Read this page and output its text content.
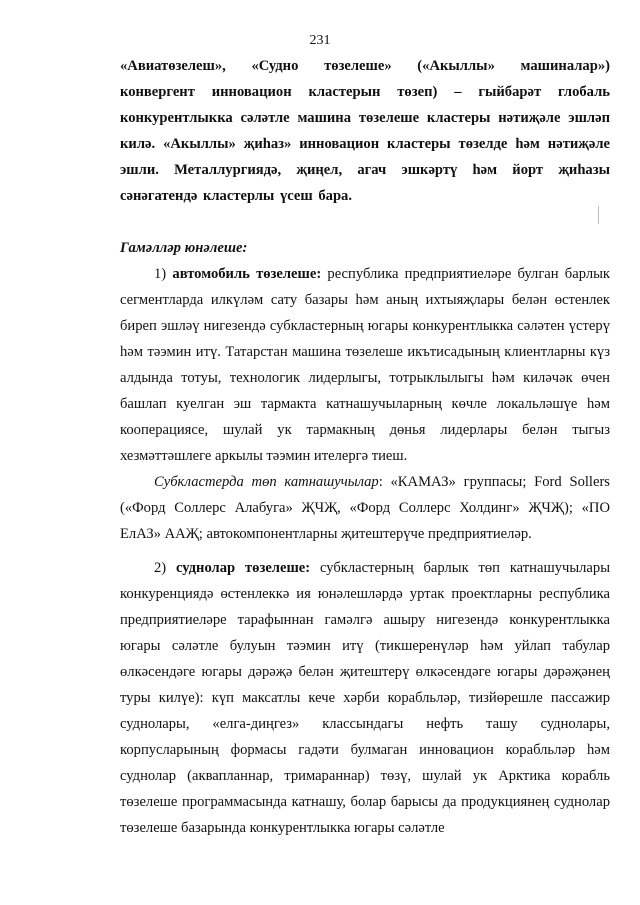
231

«Авиатөзелеш», «Судно төзелеше» («Акыллы» машиналар») конвергент инновацион кластерын төзеп) – гыйбарәт глобаль конкурентлыкка сәләтле машина төзелеше кластеры нәтиҗәле эшләп килә. «Акыллы» җиһаз» инновацион кластеры төзелде һәм нәтиҗәле эшли. Металлургиядә, җиңел, агач эшкәртү һәм йорт җиһазы сәнәгатендә кластерлы үсеш бара.

Гамәлләр юнәлеше:

1) автомобиль төзелеше: республика предприятиеләре булган барлык сегментларда илкүләм сату базары һәм аның ихтыяҗлары белән өстенлек биреп эшләү нигезендә субкластерның югары конкурентлыкка сәләтен үстерү һәм тәэмин итү. Татарстан машина төзелеше икътисадының клиентларны күз алдында тотуы, технологик лидерлыгы, тотрыклылыгы һәм киләчәк өчен башлап куелган эш тармакта катнашучыларның көчле локальләшүе һәм кооперациясе, шулай ук тармакның дөнья лидерлары белән тыгыз хезмәттәшлеге аркылы тәэмин ителергә тиеш.

Субкластерда төп катнашучылар: «КАМАЗ» группасы; Ford Sollers («Форд Соллерс Алабуга» ҖЧҖ, «Форд Соллерс Холдинг» ҖЧҖ); «ПО ЕлАЗ» ААҖ; автокомпонентларны җитештерүче предприятиеләр.

2) суднолар төзелеше: субкластерның барлык төп катнашучылары конкуренциядә өстенлеккә ия юнәлешләрдә уртак проектларны республика предприятиеләре тарафыннан гамәлгә ашыру нигезендә конкурентлыкка югары сәләтле булуын тәэмин итү (тикшеренүләр һәм уйлап табулар өлкәсендәге югары дәрәҗә белән җитештерү өлкәсендәге югары дәрәҗәнең туры килүе): күп максатлы кече хәрби корабльләр, тизйөрешле пассажир суднолары, «елга-диңгез» классындагы нефть ташу суднолары, корпусларының формасы гадәти булмаган инновацион корабльләр һәм суднолар (аквапланнар, тримараннар) төзү, шулай ук Арктика корабль төзелеше программасында катнашу, болар барысы да продукциянең суднолар төзелеше базарында конкурентлыкка югары сәләтле
